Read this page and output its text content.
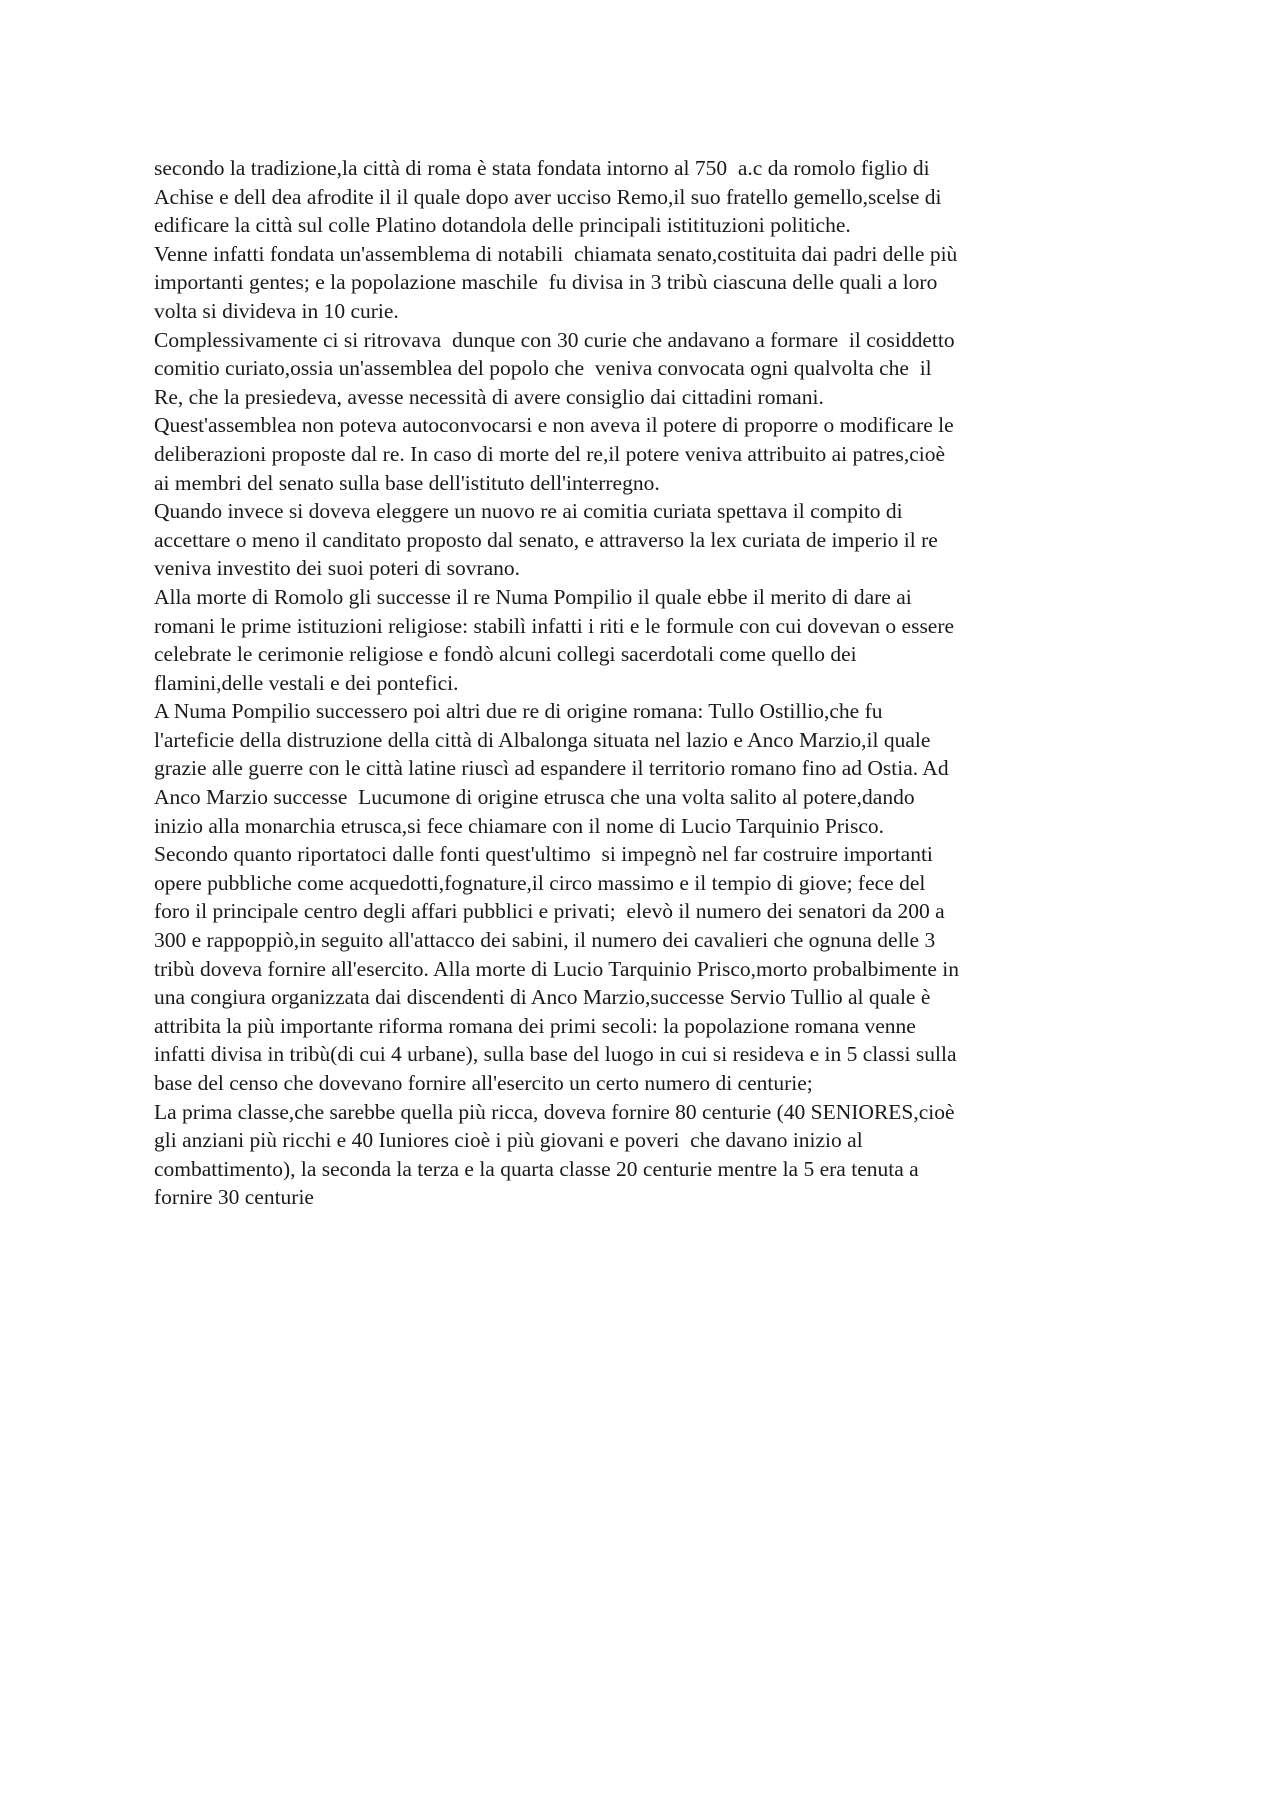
secondo la tradizione,la città di roma è stata fondata intorno al 750  a.c da romolo figlio di
Achise e dell dea afrodite il il quale dopo aver ucciso Remo,il suo fratello gemello,scelse di
edificare la città sul colle Platino dotandola delle principali istitituzioni politiche.

Venne infatti fondata un'assemblema di notabili  chiamata senato,costituita dai padri delle più
importanti gentes; e la popolazione maschile  fu divisa in 3 tribù ciascuna delle quali a loro
volta si divideva in 10 curie.

Complessivamente ci si ritrovava  dunque con 30 curie che andavano a formare  il cosiddetto
comitio curiato,ossia un'assemblea del popolo che  veniva convocata ogni qualvolta che  il
Re, che la presiedeva, avesse necessità di avere consiglio dai cittadini romani.

Quest'assemblea non poteva autoconvocarsi e non aveva il potere di proporre o modificare le
deliberazioni proposte dal re. In caso di morte del re,il potere veniva attribuito ai patres,cioè
ai membri del senato sulla base dell'istituto dell'interregno.

Quando invece si doveva eleggere un nuovo re ai comitia curiata spettava il compito di
accettare o meno il canditato proposto dal senato, e attraverso la lex curiata de imperio il re
veniva investito dei suoi poteri di sovrano.

Alla morte di Romolo gli successe il re Numa Pompilio il quale ebbe il merito di dare ai
romani le prime istituzioni religiose: stabilì infatti i riti e le formule con cui dovevan o essere
celebrate le cerimonie religiose e fondò alcuni collegi sacerdotali come quello dei
flamini,delle vestali e dei pontefici.

A Numa Pompilio successero poi altri due re di origine romana: Tullo Ostillio,che fu
l'arteficie della distruzione della città di Albalonga situata nel lazio e Anco Marzio,il quale
grazie alle guerre con le città latine riuscì ad espandere il territorio romano fino ad Ostia. Ad
Anco Marzio successe  Lucumone di origine etrusca che una volta salito al potere,dando
inizio alla monarchia etrusca,si fece chiamare con il nome di Lucio Tarquinio Prisco.

Secondo quanto riportatoci dalle fonti quest'ultimo  si impegnò nel far costruire importanti
opere pubbliche come acquedotti,fognature,il circo massimo e il tempio di giove; fece del
foro il principale centro degli affari pubblici e privati;  elevò il numero dei senatori da 200 a
300 e rappoppiò,in seguito all'attacco dei sabini, il numero dei cavalieri che ognuna delle 3
tribù doveva fornire all'esercito. Alla morte di Lucio Tarquinio Prisco,morto probalbimente in
una congiura organizzata dai discendenti di Anco Marzio,successe Servio Tullio al quale è
attribita la più importante riforma romana dei primi secoli: la popolazione romana venne
infatti divisa in tribù(di cui 4 urbane), sulla base del luogo in cui si resideva e in 5 classi sulla
base del censo che dovevano fornire all'esercito un certo numero di centurie;

La prima classe,che sarebbe quella più ricca, doveva fornire 80 centurie (40 SENIORES,cioè
gli anziani più ricchi e 40 Iuniores cioè i più giovani e poveri  che davano inizio al
combattimento), la seconda la terza e la quarta classe 20 centurie mentre la 5 era tenuta a
fornire 30 centurie
